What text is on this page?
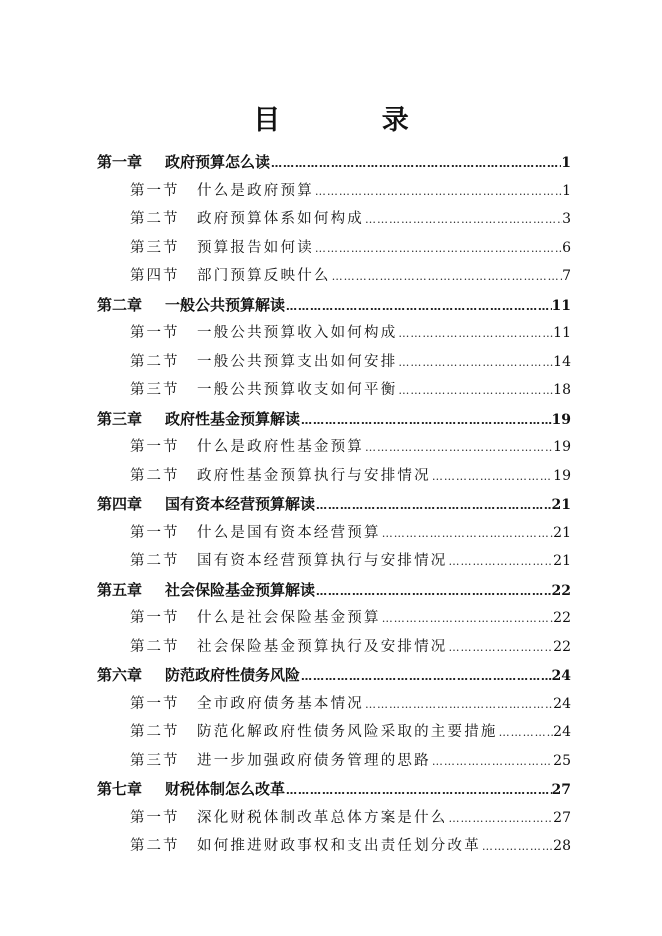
目 录
第一章	政府预算怎么读 …………………………………………………………………………………………………………………………………………………………	1
第一节	什么是政府预算 …………………………………………………………………………………………………………………………………………………………	1
第二节	政府预算体系如何构成 …………………………………………………………………………………………………………………………………………………………	3
第三节	预算报告如何读 …………………………………………………………………………………………………………………………………………………………	6
第四节	部门预算反映什么 …………………………………………………………………………………………………………………………………………………………	7
第二章	一般公共预算解读 …………………………………………………………………………………………………………………………………………………………	11
第一节	一般公共预算收入如何构成 …………………………………………………………………………………………………………………………………………………………	11
第二节	一般公共预算支出如何安排 …………………………………………………………………………………………………………………………………………………………	14
第三节	一般公共预算收支如何平衡 …………………………………………………………………………………………………………………………………………………………	18
第三章	政府性基金预算解读 …………………………………………………………………………………………………………………………………………………………	19
第一节	什么是政府性基金预算 …………………………………………………………………………………………………………………………………………………………	19
第二节	政府性基金预算执行与安排情况 …………………………………………………………………………………………………………………………………………………………	19
第四章	国有资本经营预算解读 …………………………………………………………………………………………………………………………………………………………	21
第一节	什么是国有资本经营预算 …………………………………………………………………………………………………………………………………………………………	21
第二节	国有资本经营预算执行与安排情况 …………………………………………………………………………………………………………………………………………………………	21
第五章	社会保险基金预算解读 …………………………………………………………………………………………………………………………………………………………	22
第一节	什么是社会保险基金预算 …………………………………………………………………………………………………………………………………………………………	22
第二节	社会保险基金预算执行及安排情况 …………………………………………………………………………………………………………………………………………………………	22
第六章	防范政府性债务风险 …………………………………………………………………………………………………………………………………………………………	24
第一节	全市政府债务基本情况 …………………………………………………………………………………………………………………………………………………………	24
第二节	防范化解政府性债务风险采取的主要措施 …………………………………………………………………………………………………………………………………………………………	24
第三节	进一步加强政府债务管理的思路 …………………………………………………………………………………………………………………………………………………………	25
第七章	财税体制怎么改革 …………………………………………………………………………………………………………………………………………………………	27
第一节	深化财税体制改革总体方案是什么 …………………………………………………………………………………………………………………………………………………………	27
第二节	如何推进财政事权和支出责任划分改革 …………………………………………………………………………………………………………………………………………………………	28
